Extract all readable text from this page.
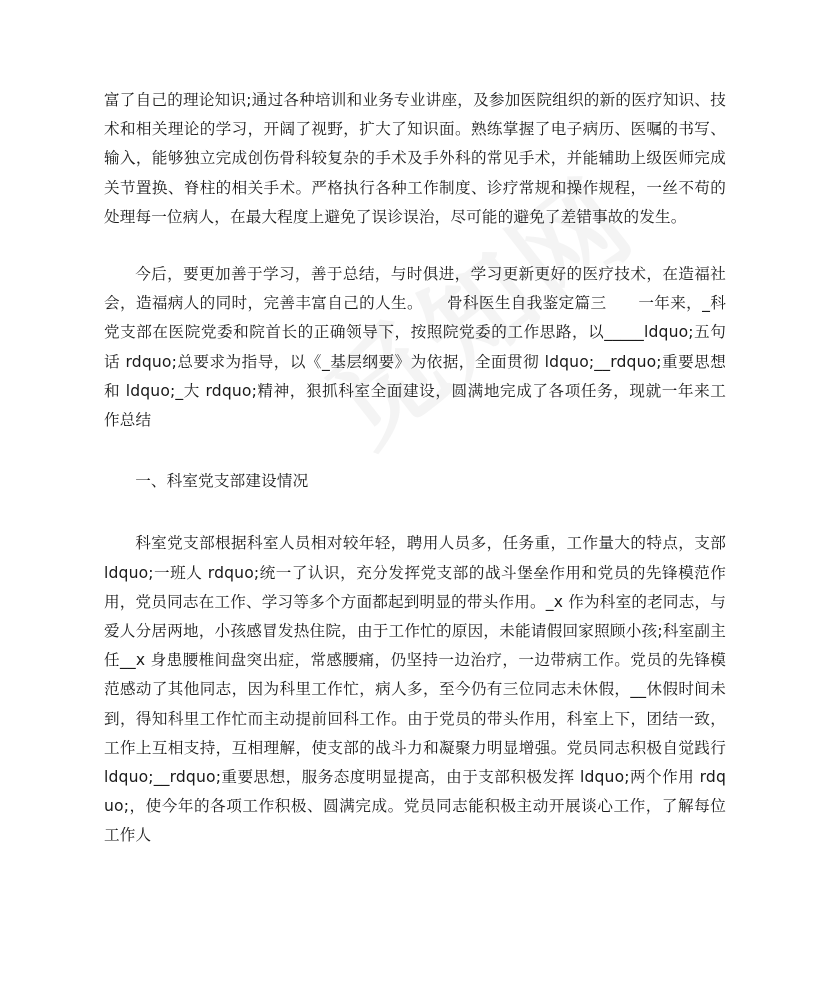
富了自己的理论知识;通过各种培训和业务专业讲座，及参加医院组织的新的医疗知识、技术和相关理论的学习，开阔了视野，扩大了知识面。熟练掌握了电子病历、医嘱的书写、输入，能够独立完成创伤骨科较复杂的手术及手外科的常见手术，并能辅助上级医师完成关节置换、脊柱的相关手术。严格执行各种工作制度、诊疗常规和操作规程，一丝不苟的处理每一位病人，在最大程度上避免了误诊误治，尽可能的避免了差错事故的发生。

今后，要更加善于学习，善于总结，与时俱进，学习更新更好的医疗技术，在造福社会，造福病人的同时，完善丰富自己的人生。　　骨科医生自我鉴定篇三　　一年来，_科党支部在医院党委和院首长的正确领导下，按照院党委的工作思路，以_____ldquo;五句话 rdquo;总要求为指导，以《_基层纲要》为依据，全面贯彻 ldquo;__rdquo;重要思想和 ldquo;_大 rdquo;精神，狠抓科室全面建设，圆满地完成了各项任务，现就一年来工作总结

一、科室党支部建设情况

科室党支部根据科室人员相对较年轻，聘用人员多，任务重，工作量大的特点，支部 ldquo;一班人 rdquo;统一了认识，充分发挥党支部的战斗堡垒作用和党员的先锋模范作用，党员同志在工作、学习等多个方面都起到明显的带头作用。_x 作为科室的老同志，与爱人分居两地，小孩感冒发热住院，由于工作忙的原因，未能请假回家照顾小孩;科室副主任__x 身患腰椎间盘突出症，常感腰痛，仍坚持一边治疗，一边带病工作。党员的先锋模范感动了其他同志，因为科里工作忙，病人多，至今仍有三位同志未休假，__休假时间未到，得知科里工作忙而主动提前回科工作。由于党员的带头作用，科室上下，团结一致，工作上互相支持，互相理解，使支部的战斗力和凝聚力明显增强。党员同志积极自觉践行 ldquo;__rdquo;重要思想，服务态度明显提高，由于支部积极发挥 ldquo;两个作用 rdquo;，使今年的各项工作积极、圆满完成。党员同志能积极主动开展谈心工作，了解每位工作人
